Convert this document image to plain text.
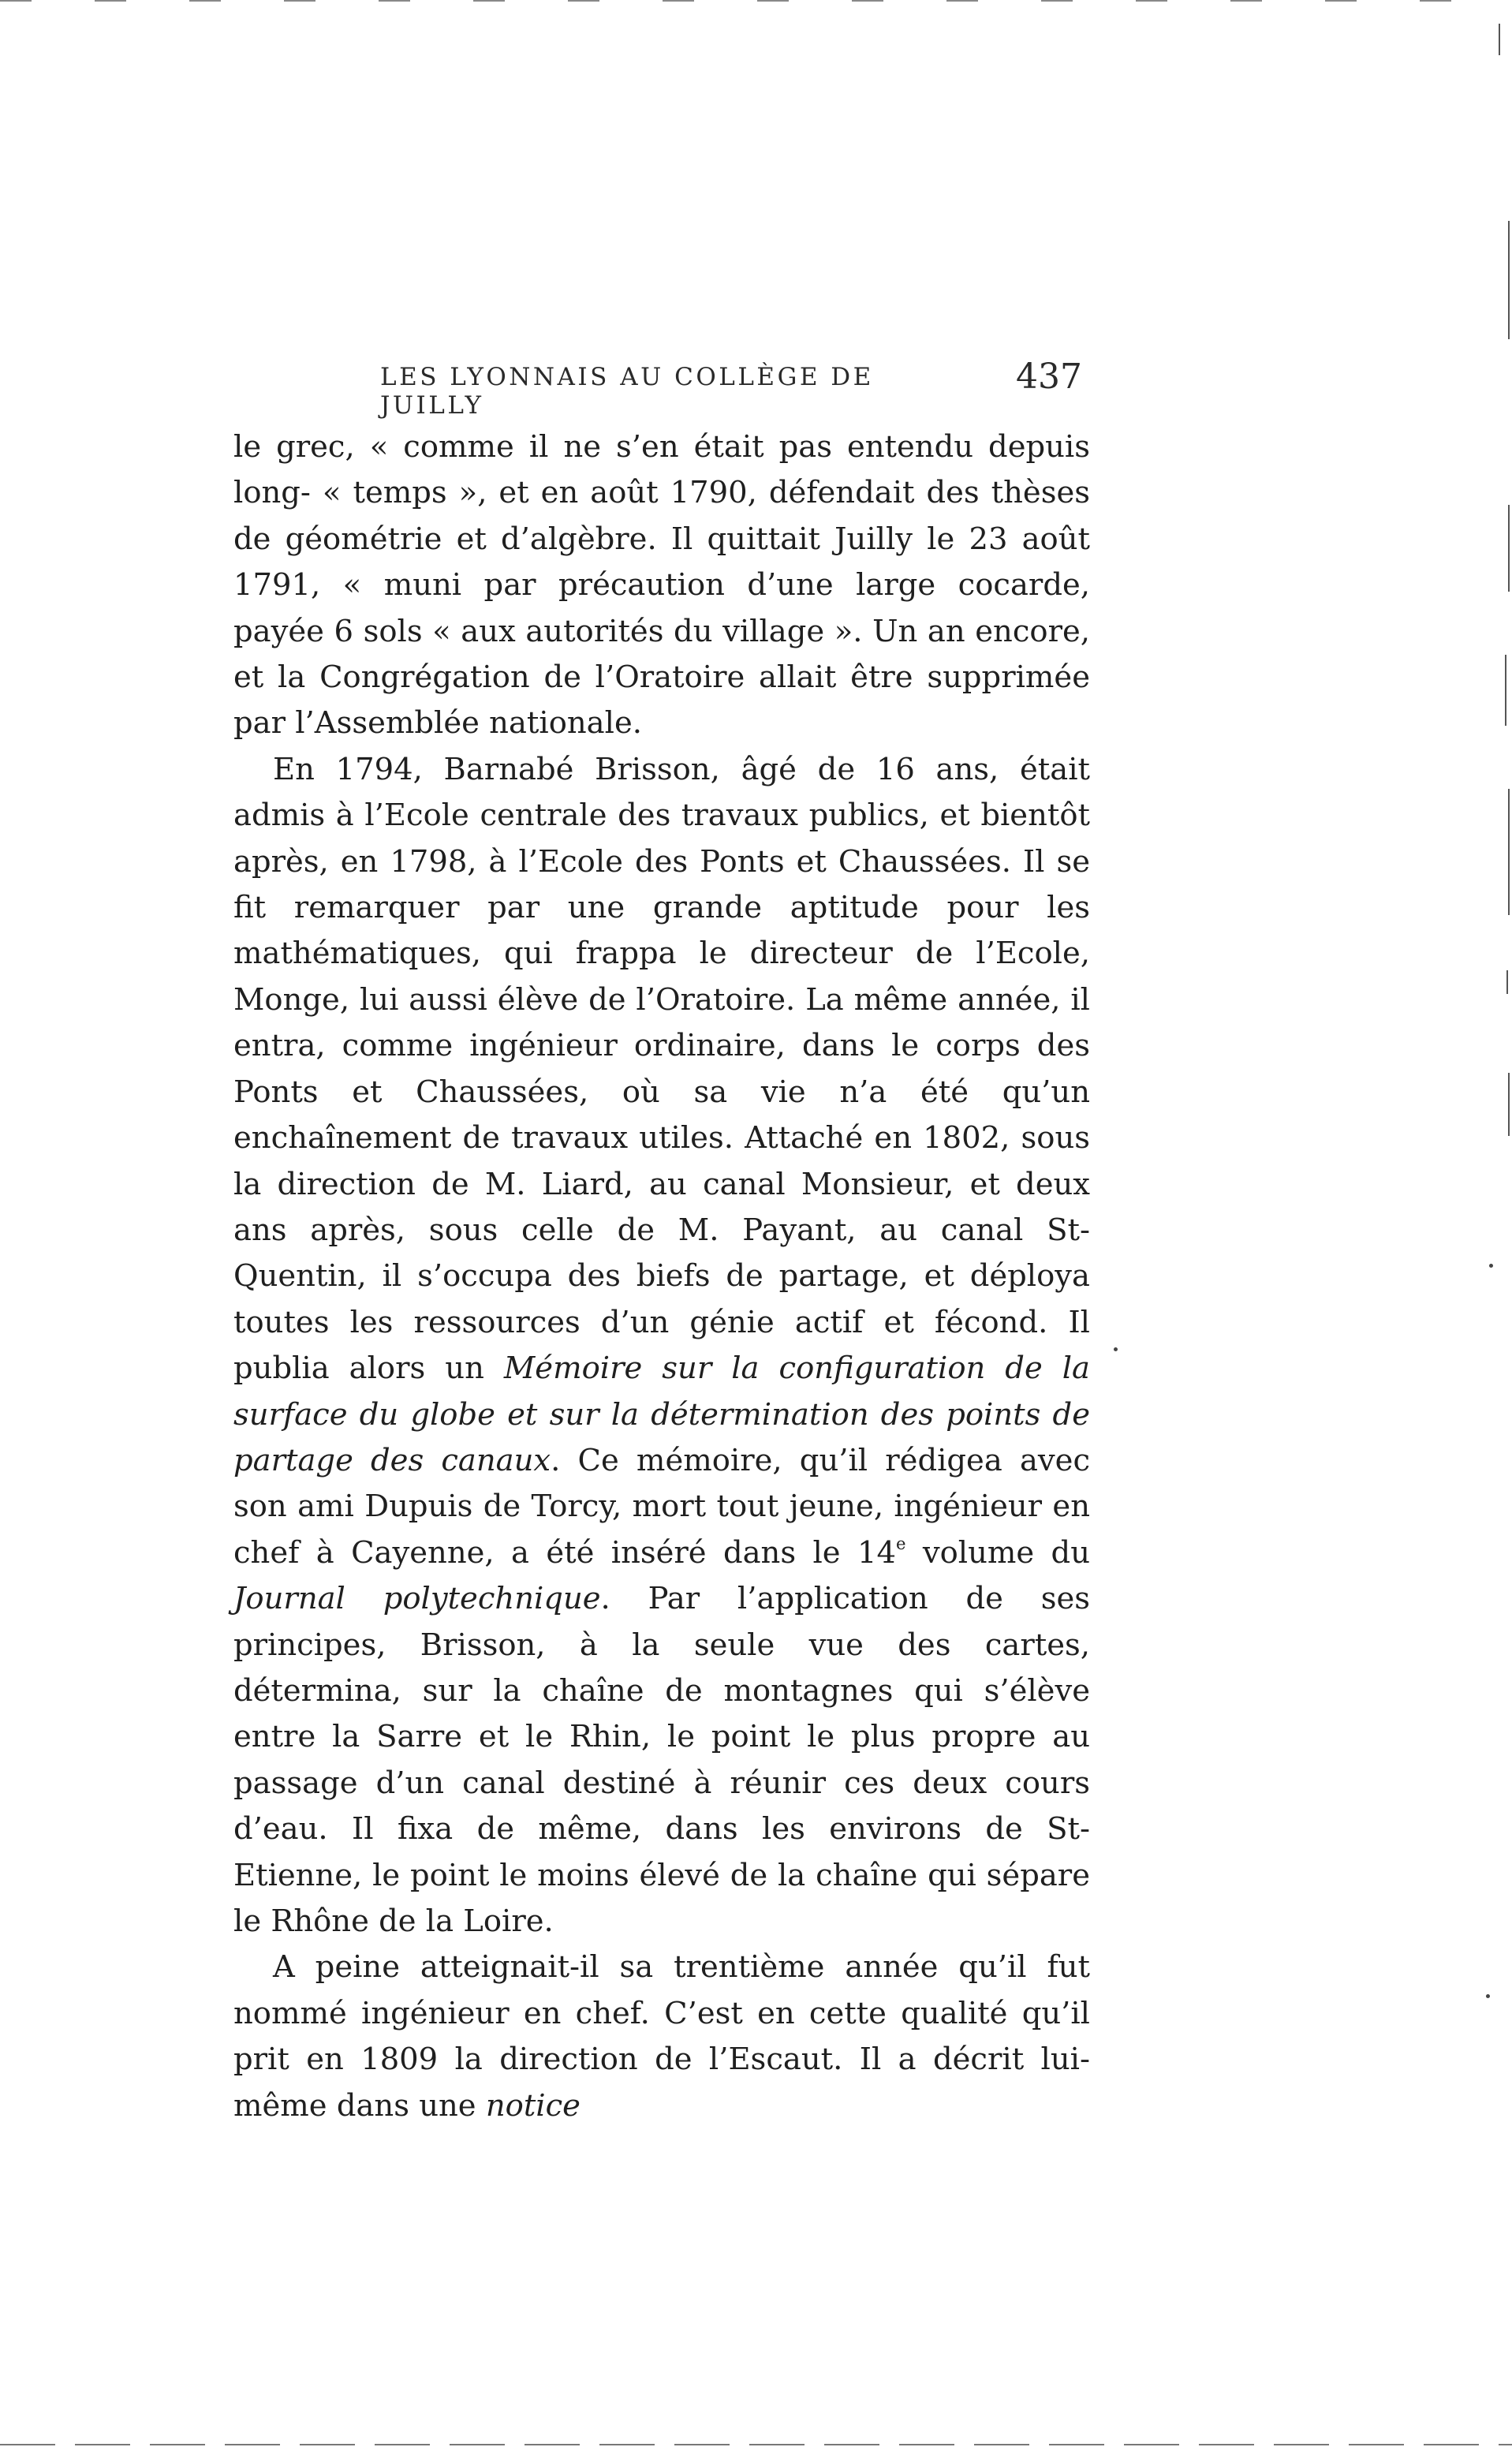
LES LYONNAIS AU COLLÈGE DE JUILLY
437

le grec, « comme il ne s’en était pas entendu depuis long- « temps », et en août 1790, défendait des thèses de géométrie et d’algèbre. Il quittait Juilly le 23 août 1791, « muni par précaution d’une large cocarde, payée 6 sols « aux autorités du village ». Un an encore, et la Congrégation de l’Oratoire allait être supprimée par l’Assemblée nationale.

En 1794, Barnabé Brisson, âgé de 16 ans, était admis à l’Ecole centrale des travaux publics, et bientôt après, en 1798, à l’Ecole des Ponts et Chaussées. Il se fit remarquer par une grande aptitude pour les mathématiques, qui frappa le directeur de l’Ecole, Monge, lui aussi élève de l’Oratoire. La même année, il entra, comme ingénieur ordinaire, dans le corps des Ponts et Chaussées, où sa vie n’a été qu’un enchaînement de travaux utiles. Attaché en 1802, sous la direction de M. Liard, au canal Monsieur, et deux ans après, sous celle de M. Payant, au canal St-Quentin, il s’occupa des biefs de partage, et déploya toutes les ressources d’un génie actif et fécond. Il publia alors un Mémoire sur la configuration de la surface du globe et sur la détermination des points de partage des canaux. Ce mémoire, qu’il rédigea avec son ami Dupuis de Torcy, mort tout jeune, ingénieur en chef à Cayenne, a été inséré dans le 14e volume du Journal polytechnique. Par l’application de ses principes, Brisson, à la seule vue des cartes, détermina, sur la chaîne de montagnes qui s’élève entre la Sarre et le Rhin, le point le plus propre au passage d’un canal destiné à réunir ces deux cours d’eau. Il fixa de même, dans les environs de St-Etienne, le point le moins élevé de la chaîne qui sépare le Rhône de la Loire.

A peine atteignait-il sa trentième année qu’il fut nommé ingénieur en chef. C’est en cette qualité qu’il prit en 1809 la direction de l’Escaut. Il a décrit lui-même dans une notice
